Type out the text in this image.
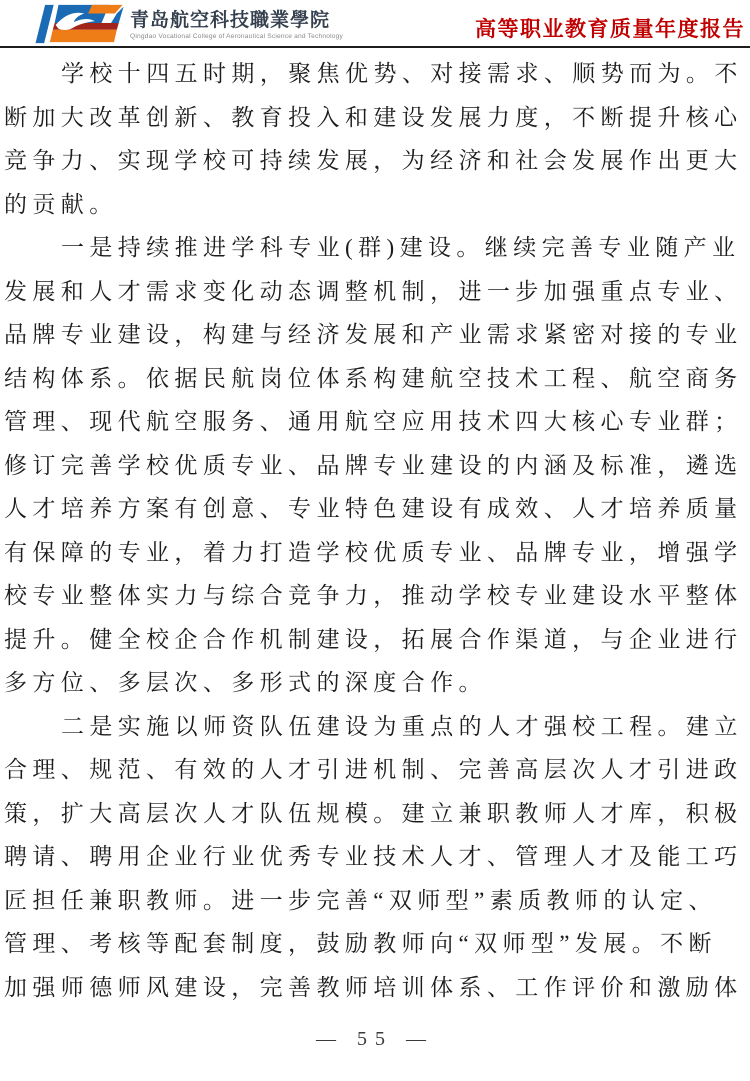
青岛航空科技職業學院
Qingdao Vocational College of Aeronautical Science and Technology	高等职业教育质量年度报告
学校十四五时期，聚焦优势、对接需求、顺势而为。不
断加大改革创新、教育投入和建设发展力度，不断提升核心
竞争力、实现学校可持续发展，为经济和社会发展作出更大
的贡献。
一是持续推进学科专业(群)建设。继续完善专业随产业
发展和人才需求变化动态调整机制，进一步加强重点专业、
品牌专业建设，构建与经济发展和产业需求紧密对接的专业
结构体系。依据民航岗位体系构建航空技术工程、航空商务
管理、现代航空服务、通用航空应用技术四大核心专业群；
修订完善学校优质专业、品牌专业建设的内涵及标准，遴选
人才培养方案有创意、专业特色建设有成效、人才培养质量
有保障的专业，着力打造学校优质专业、品牌专业，增强学
校专业整体实力与综合竞争力，推动学校专业建设水平整体
提升。健全校企合作机制建设，拓展合作渠道，与企业进行
多方位、多层次、多形式的深度合作。
二是实施以师资队伍建设为重点的人才强校工程。建立
合理、规范、有效的人才引进机制、完善高层次人才引进政
策，扩大高层次人才队伍规模。建立兼职教师人才库，积极
聘请、聘用企业行业优秀专业技术人才、管理人才及能工巧
匠担任兼职教师。进一步完善“双师型”素质教师的认定、
管理、考核等配套制度，鼓励教师向“双师型”发展。不断
加强师德师风建设，完善教师培训体系、工作评价和激励体
— 55 —
